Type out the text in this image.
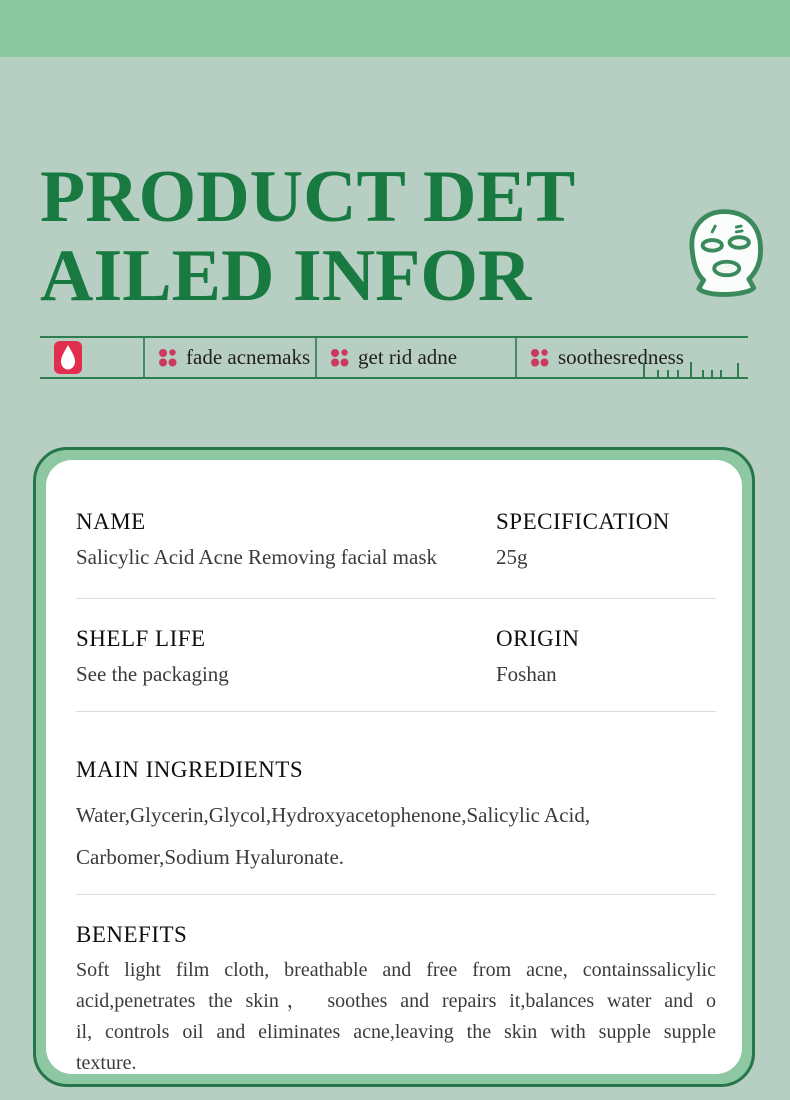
PRODUCT DET
AILED INFOR
fade acnemaks get rid adne	soothesredness
NAME
Salicylic Acid Acne Removing facial mask
SPECIFICATION
25g
SHELF LIFE
See the packaging
ORIGIN
Foshan
MAIN INGREDIENTS
Water,Glycerin,Glycol,Hydroxyacetophenone,Salicylic Acid,
Carbomer,Sodium Hyaluronate.
BENEFITS
Soft light film cloth, breathable and free from acne, containssalicylic
acid,penetrates the skin， soothes and repairs it,balances water and o
il, controls oil and eliminates acne,leaving the skin with supple supple
texture.
